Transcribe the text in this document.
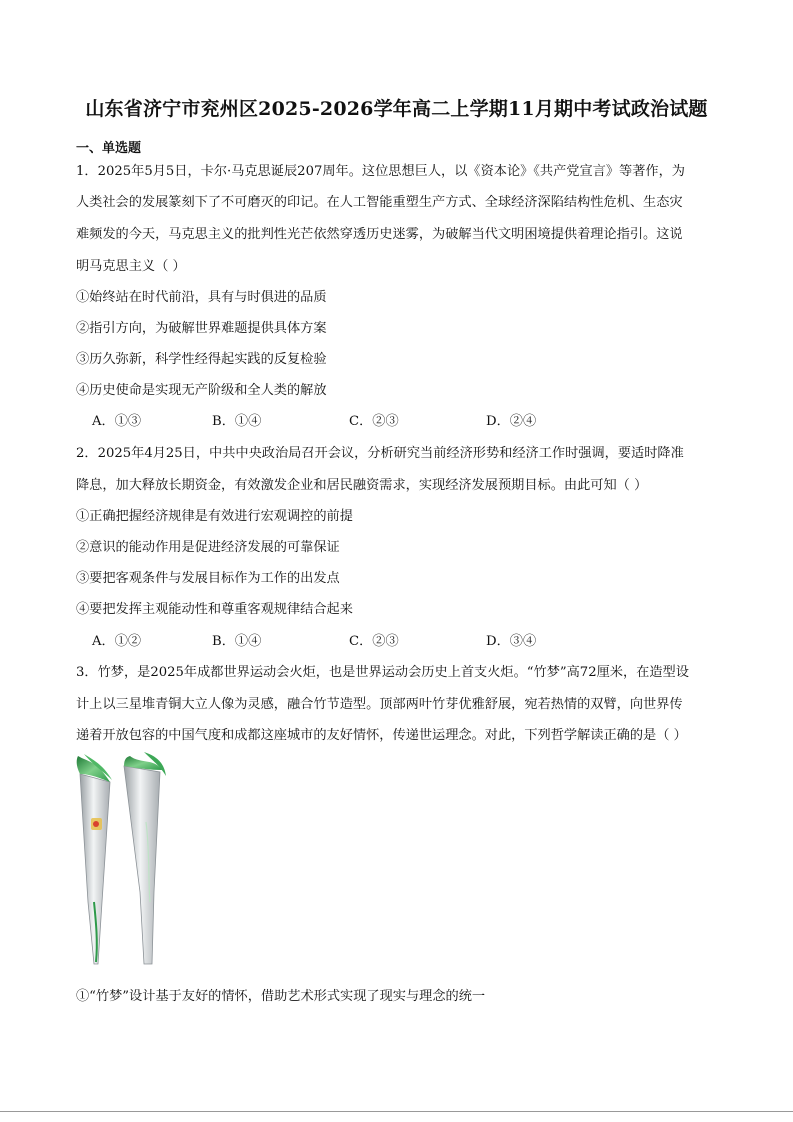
山东省济宁市兖州区2025-2026学年高二上学期11月期中考试政治试题
一、单选题
1．2025年5月5日，卡尔·马克思诞辰207周年。这位思想巨人，以《资本论》《共产党宣言》等著作，为
人类社会的发展篆刻下了不可磨灭的印记。在人工智能重塑生产方式、全球经济深陷结构性危机、生态灾
难频发的今天，马克思主义的批判性光芒依然穿透历史迷雾，为破解当代文明困境提供着理论指引。这说
明马克思主义（ ）
①始终站在时代前沿，具有与时俱进的品质
②指引方向，为破解世界难题提供具体方案
③历久弥新，科学性经得起实践的反复检验
④历史使命是实现无产阶级和全人类的解放
A．①③	B．①④	C．②③	D．②④
2．2025年4月25日，中共中央政治局召开会议，分析研究当前经济形势和经济工作时强调，要适时降准
降息，加大释放长期资金，有效激发企业和居民融资需求，实现经济发展预期目标。由此可知（ ）
①正确把握经济规律是有效进行宏观调控的前提
②意识的能动作用是促进经济发展的可靠保证
③要把客观条件与发展目标作为工作的出发点
④要把发挥主观能动性和尊重客观规律结合起来
A．①②	B．①④	C．②③	D．③④
3．竹梦，是2025年成都世界运动会火炬，也是世界运动会历史上首支火炬。“竹梦”高72厘米，在造型设
计上以三星堆青铜大立人像为灵感，融合竹节造型。顶部两叶竹芽优雅舒展，宛若热情的双臂，向世界传
递着开放包容的中国气度和成都这座城市的友好情怀，传递世运理念。对此，下列哲学解读正确的是（ ）
①“竹梦”设计基于友好的情怀，借助艺术形式实现了现实与理念的统一
